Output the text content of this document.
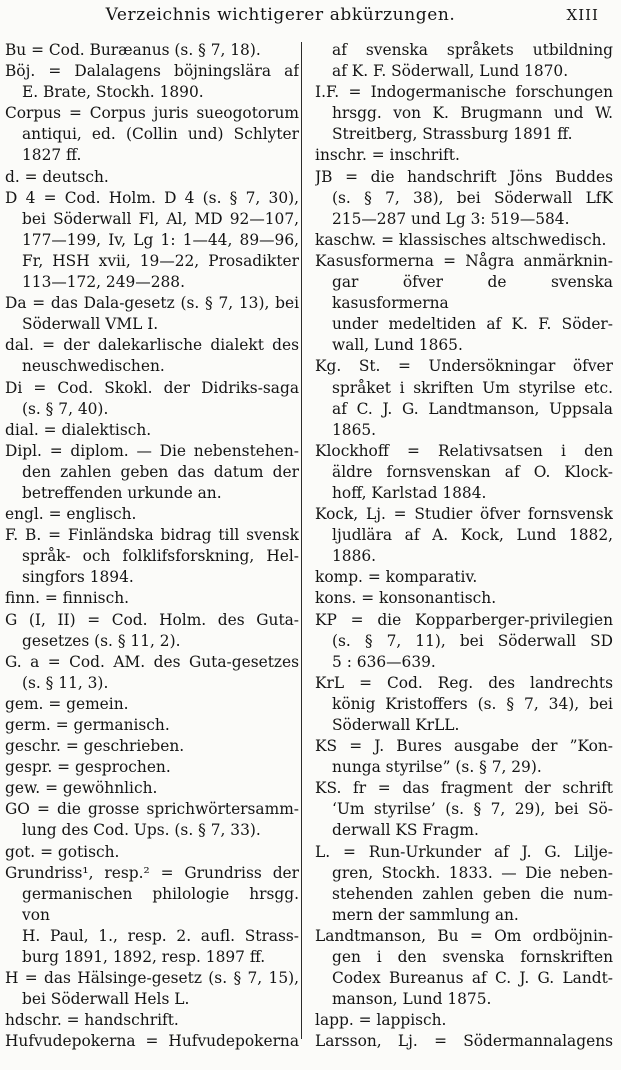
Verzeichnis wichtigerer abkürzungen.	XIII
Bu = Cod. Buræanus (s. § 7, 18).
Böj. = Dalalagens böjningslära af
E. Brate, Stockh. 1890.
Corpus = Corpus juris sueogotorum
antiqui, ed. (Collin und) Schlyter
1827 ff.
d. = deutsch.
D 4 = Cod. Holm. D 4 (s. § 7, 30),
bei Söderwall Fl, Al, MD 92—107,
177—199, Iv, Lg 1: 1—44, 89—96,
Fr, HSH xvii, 19—22, Prosadikter
113—172, 249—288.
Da = das Dala-gesetz (s. § 7, 13), bei
Söderwall VML I.
dal. = der dalekarlische dialekt des
neuschwedischen.
Di = Cod. Skokl. der Didriks-saga
(s. § 7, 40).
dial. = dialektisch.
Dipl. = diplom. — Die nebenstehen-
den zahlen geben das datum der
betreffenden urkunde an.
engl. = englisch.
F. B. = Finländska bidrag till svensk
språk- och folklifsforskning, Hel-
singfors 1894.
finn. = finnisch.
G (I, II) = Cod. Holm. des Guta-
gesetzes (s. § 11, 2).
G. a = Cod. AM. des Guta-gesetzes
(s. § 11, 3).
gem. = gemein.
germ. = germanisch.
geschr. = geschrieben.
gespr. = gesprochen.
gew. = gewöhnlich.
GO = die grosse sprichwörtersamm-
lung des Cod. Ups. (s. § 7, 33).
got. = gotisch.
Grundriss¹, resp.² = Grundriss der
germanischen philologie hrsgg. von
H. Paul, 1., resp. 2. aufl. Strass-
burg 1891, 1892, resp. 1897 ff.
H = das Hälsinge-gesetz (s. § 7, 15),
bei Söderwall Hels L.
hdschr. = handschrift.
Hufvudepokerna = Hufvudepokerna
af svenska språkets utbildning
af K. F. Söderwall, Lund 1870.
I.F. = Indogermanische forschungen
hrsgg. von K. Brugmann und W.
Streitberg, Strassburg 1891 ff.
inschr. = inschrift.
JB = die handschrift Jöns Buddes
(s. § 7, 38), bei Söderwall LfK
215—287 und Lg 3: 519—584.
kaschw. = klassisches altschwedisch.
Kasusformerna = Några anmärknin-
gar öfver de svenska kasusformerna
under medeltiden af K. F. Söder-
wall, Lund 1865.
Kg. St. = Undersökningar öfver
språket i skriften Um styrilse etc.
af C. J. G. Landtmanson, Uppsala
1865.
Klockhoff = Relativsatsen i den
äldre fornsvenskan af O. Klock-
hoff, Karlstad 1884.
Kock, Lj. = Studier öfver fornsvensk
ljudlära af A. Kock, Lund 1882,
1886.
komp. = komparativ.
kons. = konsonantisch.
KP = die Kopparberger-privilegien
(s. § 7, 11), bei Söderwall SD
5 : 636—639.
KrL = Cod. Reg. des landrechts
könig Kristoffers (s. § 7, 34), bei
Söderwall KrLL.
KS = J. Bures ausgabe der ”Kon-
nunga styrilse” (s. § 7, 29).
KS. fr = das fragment der schrift
‘Um styrilse’ (s. § 7, 29), bei Sö-
derwall KS Fragm.
L. = Run-Urkunder af J. G. Lilje-
gren, Stockh. 1833. — Die neben-
stehenden zahlen geben die num-
mern der sammlung an.
Landtmanson, Bu = Om ordböjnin-
gen i den svenska fornskriften
Codex Bureanus af C. J. G. Landt-
manson, Lund 1875.
lapp. = lappisch.
Larsson, Lj. = Södermannalagens
